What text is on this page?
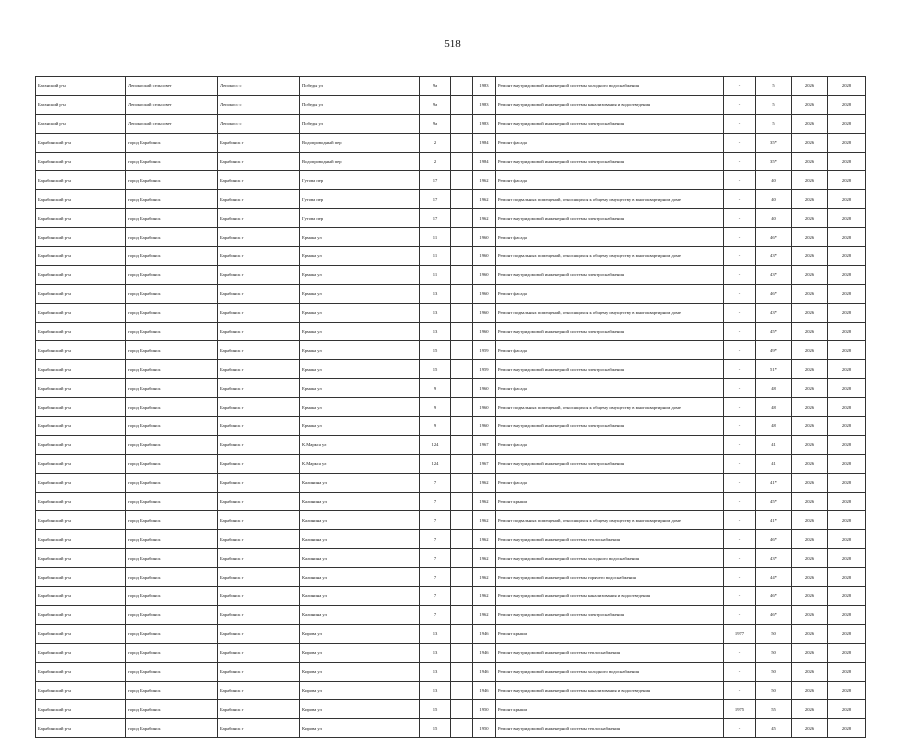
518
Баганский р-н	Лепокоский сельсовет	Лепокосс с	Победы ул	9а		1983	Ремонт внутридомовой инженерной системы холодного водоснабжения	-	5	2026	2028
Баганский р-н	Лепокоский сельсовет	Лепокосс с	Победы ул	9а		1983	Ремонт внутридомовой инженерной системы канализования и водоотведения	-	5	2026	2028
Баганский р-н	Лепокоский сельсовет	Лепокосс с	Победы ул	9а		1983	Ремонт внутридомовой инженерной системы электроснабжения	-	5	2026	2028
Барабинский р-н	город Барабинск	Барабинск г	Водопроводный пер	2		1984	Ремонт фасада	-	35*	2026	2028
Барабинский р-н	город Барабинск	Барабинск г	Водопроводный пер	2		1984	Ремонт внутридомовой инженерной системы электроснабжения	-	35*	2026	2028
Барабинский р-н	город Барабинск	Барабинск г	Гутова пер	17		1962	Ремонт фасада	-	40	2026	2028
Барабинский р-н	город Барабинск	Барабинск г	Гутова пер	17		1962	Ремонт подвальных помещений, относящихся к общему имуществу в многоквартирном доме	-	40	2026	2028
Барабинский р-н	город Барабинск	Барабинск г	Гутова пер	17		1962	Ремонт внутридомовой инженерной системы электроснабжения	-	40	2026	2028
Барабинский р-н	город Барабинск	Барабинск г	Ермака ул	11		1960	Ремонт фасада	-	46*	2026	2028
Барабинский р-н	город Барабинск	Барабинск г	Ермака ул	11		1960	Ремонт подвальных помещений, относящихся к общему имуществу в многоквартирном доме	-	43*	2026	2028
Барабинский р-н	город Барабинск	Барабинск г	Ермака ул	11		1960	Ремонт внутридомовой инженерной системы электроснабжения	-	43*	2026	2028
Барабинский р-н	город Барабинск	Барабинск г	Ермака ул	13		1960	Ремонт фасада	-	46*	2026	2028
Барабинский р-н	город Барабинск	Барабинск г	Ермака ул	13		1960	Ремонт подвальных помещений, относящихся к общему имуществу в многоквартирном доме	-	43*	2026	2028
Барабинский р-н	город Барабинск	Барабинск г	Ермака ул	13		1960	Ремонт внутридомовой инженерной системы электроснабжения	-	45*	2026	2028
Барабинский р-н	город Барабинск	Барабинск г	Ермака ул	15		1959	Ремонт фасада	-	49*	2026	2028
Барабинский р-н	город Барабинск	Барабинск г	Ермака ул	15		1959	Ремонт внутридомовой инженерной системы электроснабжения	-	51*	2026	2028
Барабинский р-н	город Барабинск	Барабинск г	Ермака ул	9		1960	Ремонт фасада	-	48	2026	2028
Барабинский р-н	город Барабинск	Барабинск г	Ермака ул	9		1960	Ремонт подвальных помещений, относящихся к общему имуществу в многоквартирном доме	-	48	2026	2028
Барабинский р-н	город Барабинск	Барабинск г	Ермака ул	9		1960	Ремонт внутридомовой инженерной системы электроснабжения	-	48	2026	2028
Барабинский р-н	город Барабинск	Барабинск г	К.Маркса ул	124		1967	Ремонт фасада	-	41	2026	2028
Барабинский р-н	город Барабинск	Барабинск г	К.Маркса ул	124		1967	Ремонт внутридомовой инженерной системы электроснабжения	-	41	2026	2028
Барабинский р-н	город Барабинск	Барабинск г	Калинина ул	7		1962	Ремонт фасада	-	41*	2026	2028
Барабинский р-н	город Барабинск	Барабинск г	Калинина ул	7		1962	Ремонт крыши	-	45*	2026	2028
Барабинский р-н	город Барабинск	Барабинск г	Калинина ул	7		1962	Ремонт подвальных помещений, относящихся к общему имуществу в многоквартирном доме	-	41*	2026	2028
Барабинский р-н	город Барабинск	Барабинск г	Калинина ул	7		1962	Ремонт внутридомовой инженерной системы теплоснабжения	-	46*	2026	2028
Барабинский р-н	город Барабинск	Барабинск г	Калинина ул	7		1962	Ремонт внутридомовой инженерной системы холодного водоснабжения	-	43*	2026	2028
Барабинский р-н	город Барабинск	Барабинск г	Калинина ул	7		1962	Ремонт внутридомовой инженерной системы горячего водоснабжения	-	44*	2026	2028
Барабинский р-н	город Барабинск	Барабинск г	Калинина ул	7		1962	Ремонт внутридомовой инженерной системы канализования и водоотведения	-	46*	2026	2028
Барабинский р-н	город Барабинск	Барабинск г	Калинина ул	7		1962	Ремонт внутридомовой инженерной системы электроснабжения	-	46*	2026	2028
Барабинский р-н	город Барабинск	Барабинск г	Кирова ул	13		1946	Ремонт крыши	1977	50	2026	2028
Барабинский р-н	город Барабинск	Барабинск г	Кирова ул	13		1946	Ремонт внутридомовой инженерной системы теплоснабжения	-	50	2026	2028
Барабинский р-н	город Барабинск	Барабинск г	Кирова ул	13		1946	Ремонт внутридомовой инженерной системы холодного водоснабжения	-	50	2026	2028
Барабинский р-н	город Барабинск	Барабинск г	Кирова ул	13		1946	Ремонт внутридомовой инженерной системы канализования и водоотведения	-	50	2026	2028
Барабинский р-н	город Барабинск	Барабинск г	Кирова ул	15		1950	Ремонт крыши	1975	55	2026	2028
Барабинский р-н	город Барабинск	Барабинск г	Кирова ул	15		1950	Ремонт внутридомовой инженерной системы теплоснабжения	-	45	2026	2028
